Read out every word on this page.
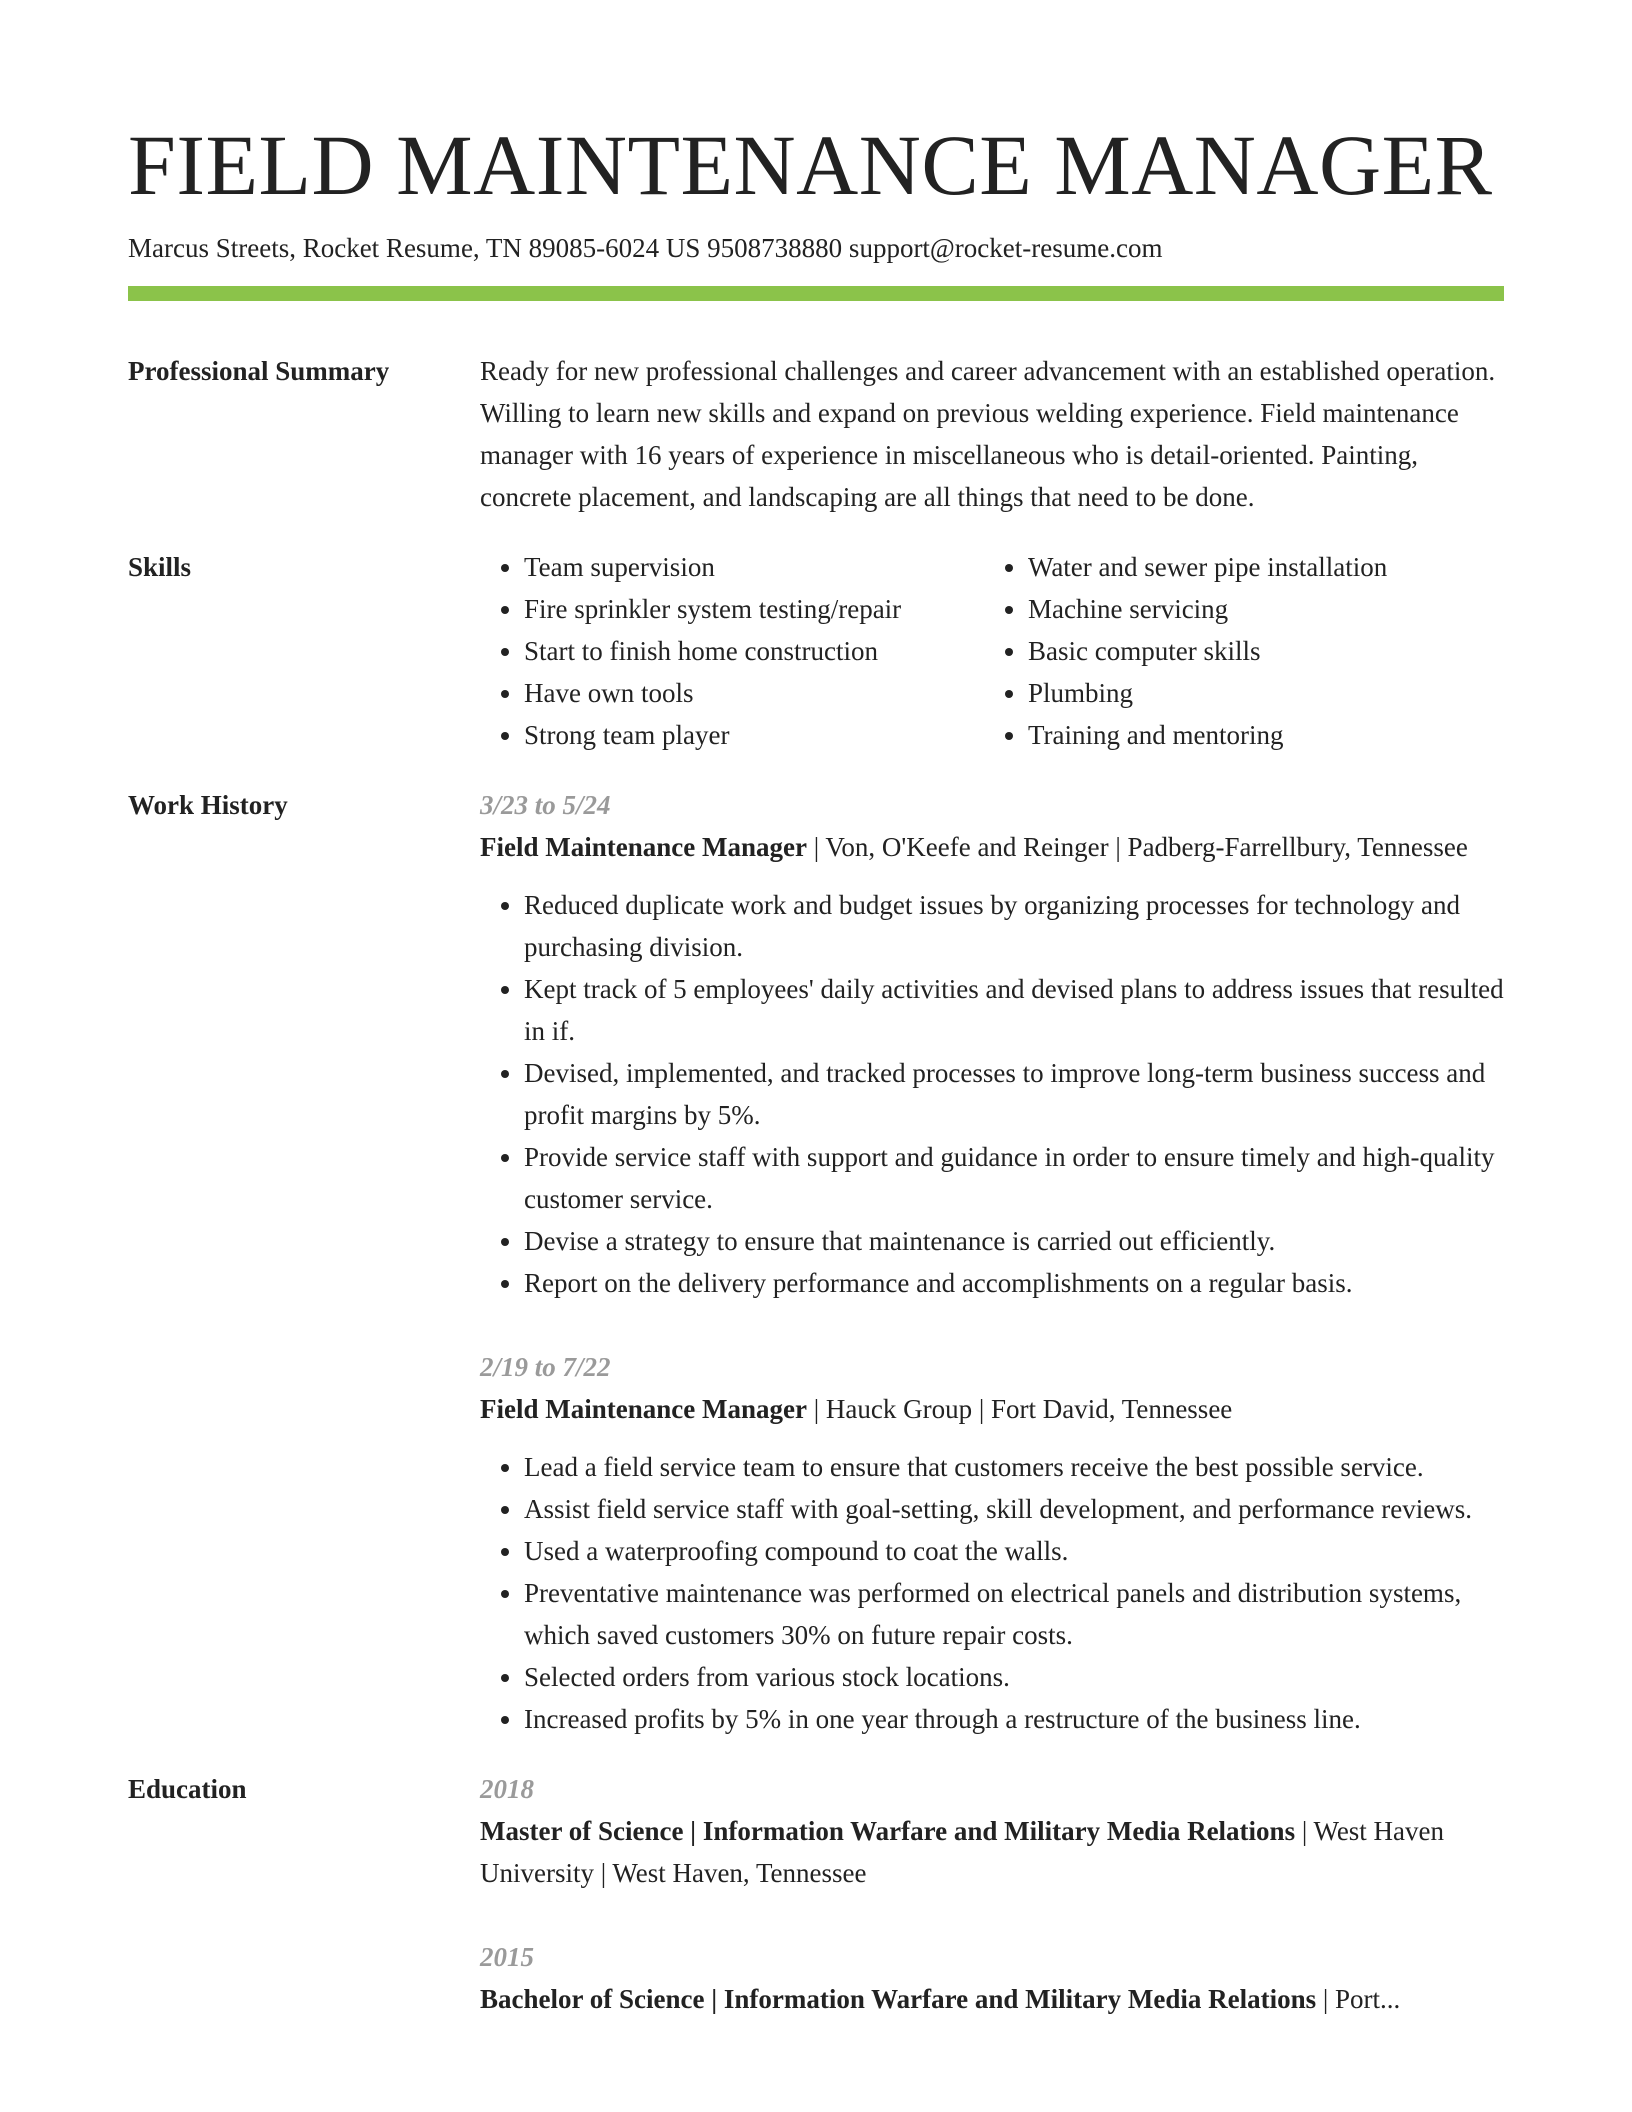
FIELD MAINTENANCE MANAGER
Marcus Streets, Rocket Resume, TN 89085-6024 US 9508738880 support@rocket-resume.com
Professional Summary	Ready for new professional challenges and career advancement with an established operation. Willing to learn new skills and expand on previous welding experience. Field maintenance manager with 16 years of experience in miscellaneous who is detail-oriented. Painting, concrete placement, and landscaping are all things that need to be done.

Skills
•	Team supervision
• Fire sprinkler system testing/repair
• Start to finish home construction
• Have own tools
• Strong team player
• Water and sewer pipe installation
• Machine servicing
• Basic computer skills
• Plumbing
• Training and mentoring
Work History	3/23 to 5/24
Field Maintenance Manager | Von, O'Keefe and Reinger | Padberg-Farrellbury, Tennessee
• Reduced duplicate work and budget issues by organizing processes for technology and purchasing division.
• Kept track of 5 employees' daily activities and devised plans to address issues that resulted in if.
• Devised, implemented, and tracked processes to improve long-term business success and profit margins by 5%.
• Provide service staff with support and guidance in order to ensure timely and high-quality customer service.
• Devise a strategy to ensure that maintenance is carried out efficiently.
• Report on the delivery performance and accomplishments on a regular basis.
2/19 to 7/22
Field Maintenance Manager | Hauck Group | Fort David, Tennessee
• Lead a field service team to ensure that customers receive the best possible service.
• Assist field service staff with goal-setting, skill development, and performance reviews.
• Used a waterproofing compound to coat the walls.
• Preventative maintenance was performed on electrical panels and distribution systems, which saved customers 30% on future repair costs.
• Selected orders from various stock locations.
• Increased profits by 5% in one year through a restructure of the business line.
Education	2018
Master of Science | Information Warfare and Military Media Relations | West Haven University | West Haven, Tennessee
2015
Bachelor of Science | Information Warfare and Military Media Relations | Port...
